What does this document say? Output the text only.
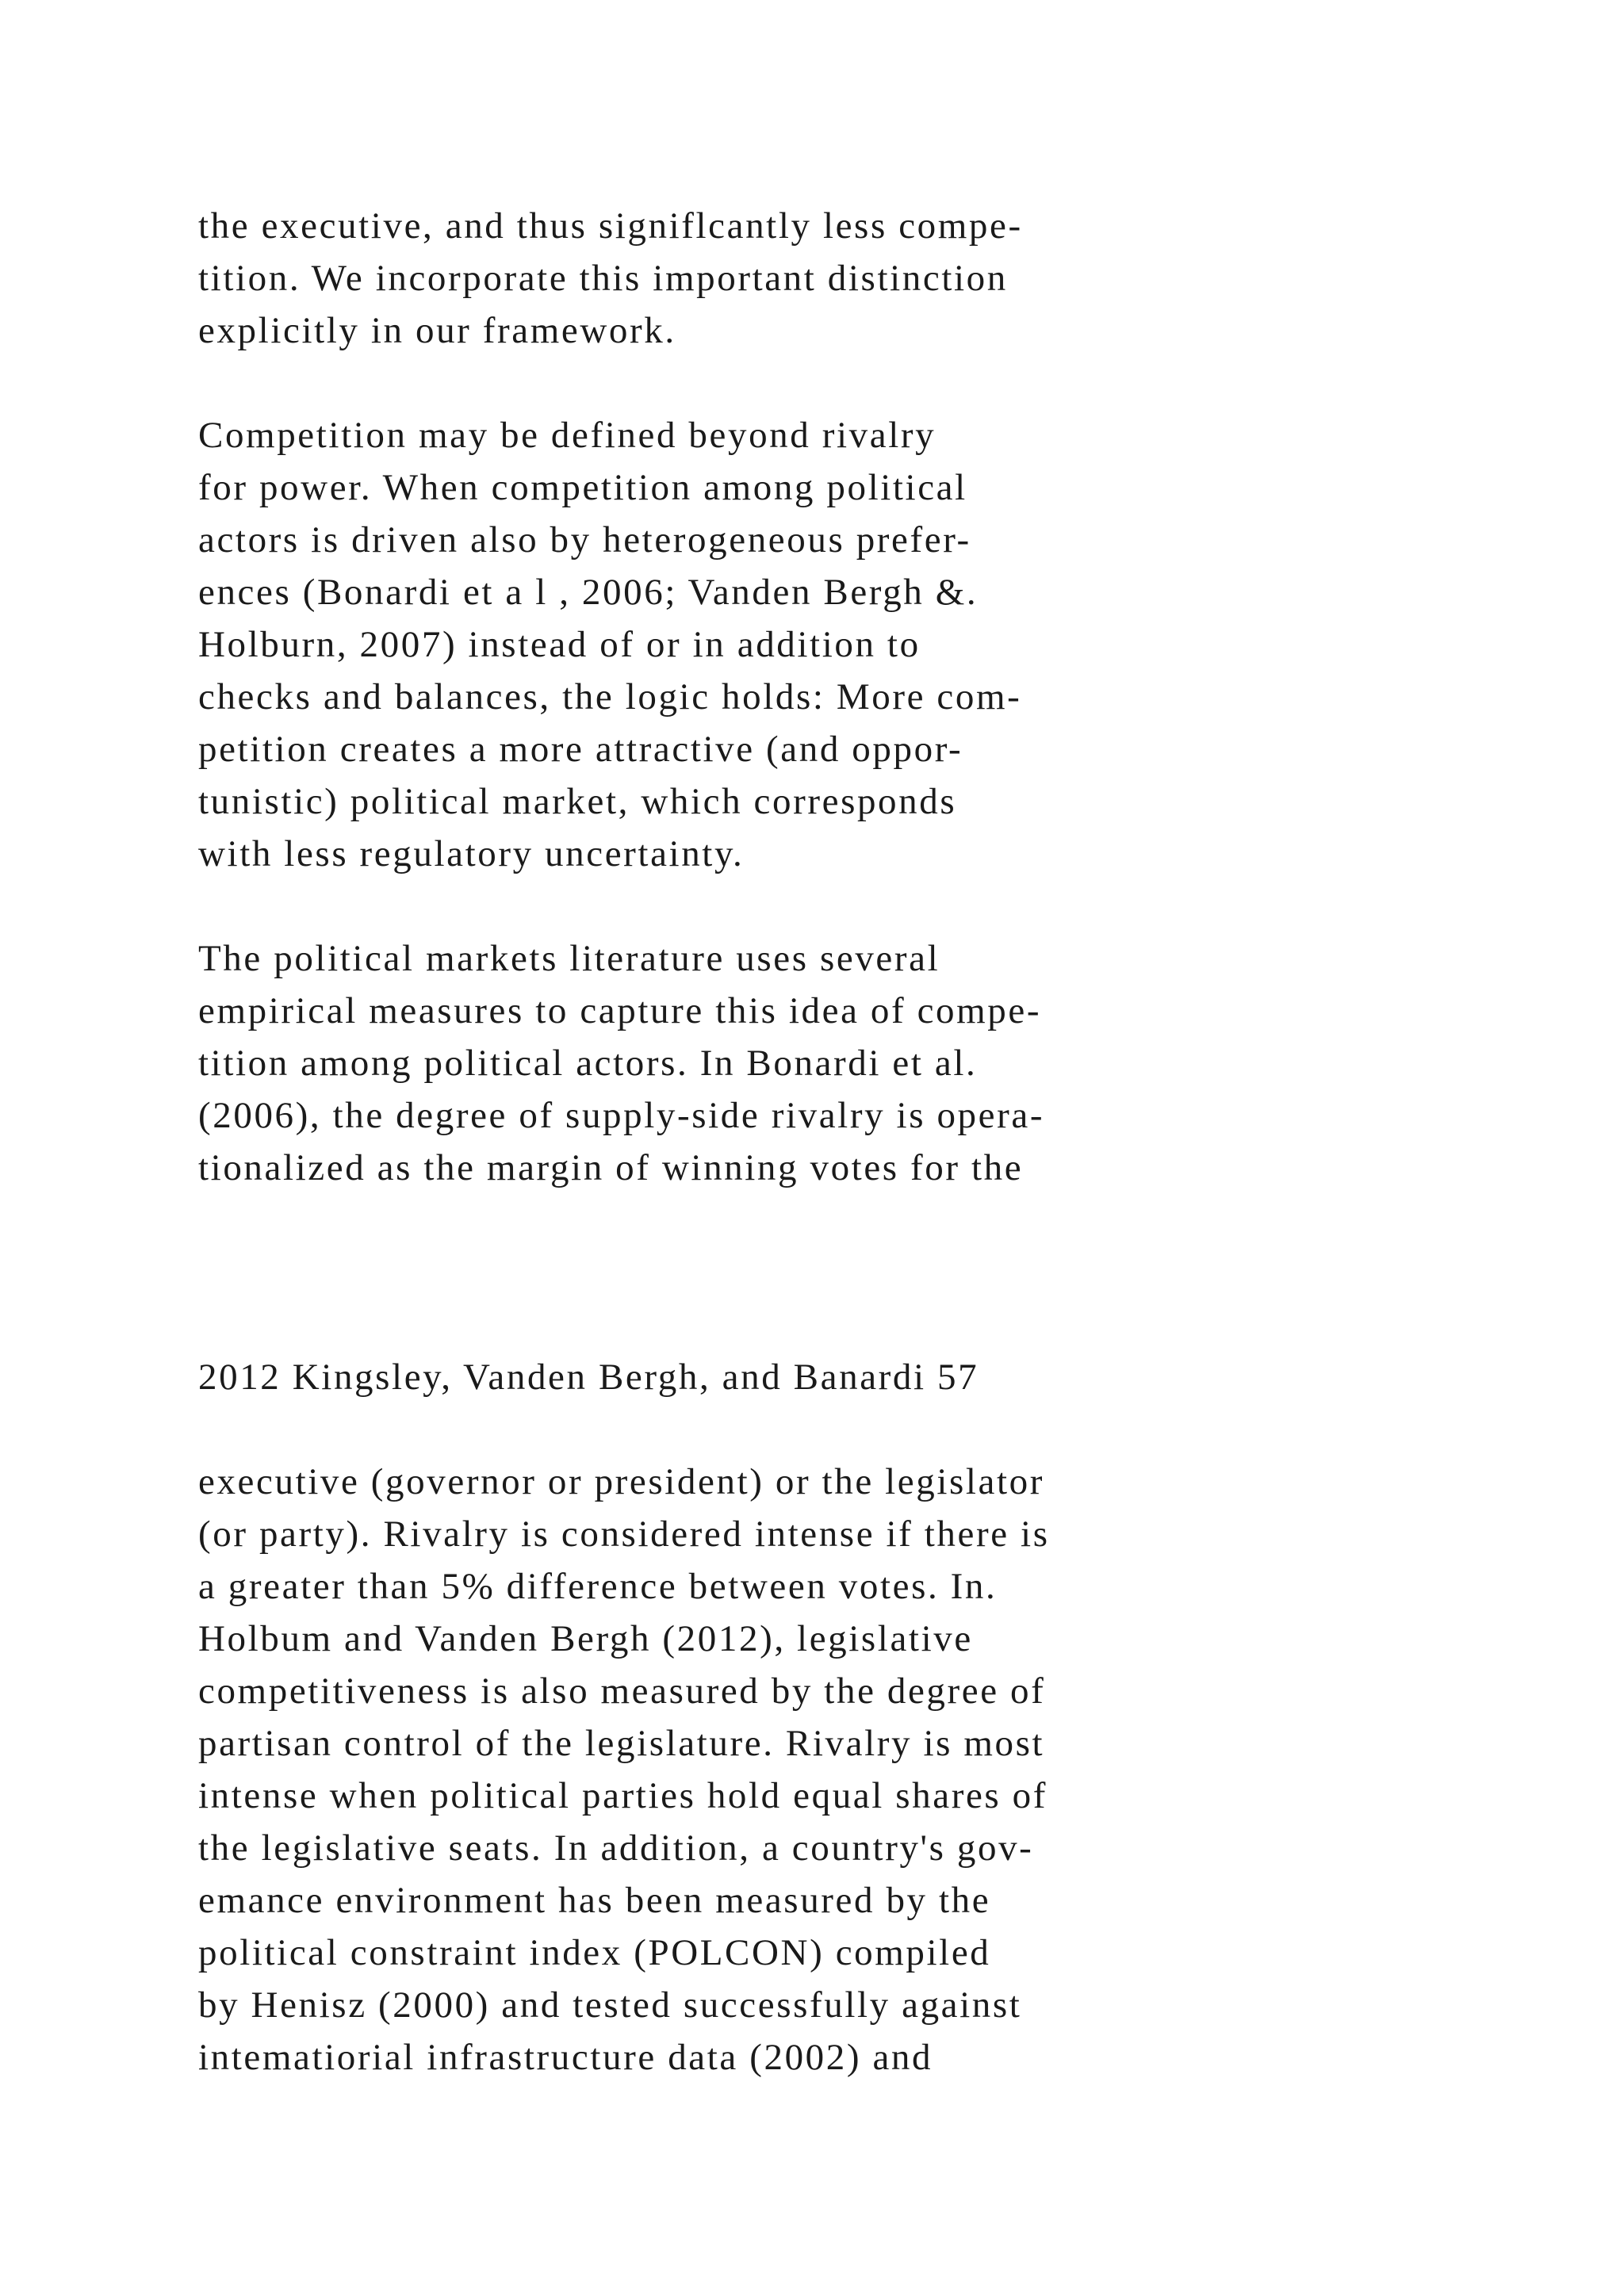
the executive, and thus signiflcantly less compe-
tition. We incorporate this important distinction
explicitly in our framework.
Competition may be defined beyond rivalry
for power. When competition among political
actors is driven also by heterogeneous prefer-
ences (Bonardi et a l , 2006; Vanden Bergh &.
Holburn, 2007) instead of or in addition to
checks and balances, the logic holds: More com-
petition creates a more attractive (and oppor-
tunistic) political market, which corresponds
with less regulatory uncertainty.
The political markets literature uses several
empirical measures to capture this idea of compe-
tition among political actors. In Bonardi et al.
(2006), the degree of supply-side rivalry is opera-
tionalized as the margin of winning votes for the
2012 Kingsley, Vanden Bergh, and Banardi 57
executive (governor or president) or the legislator
(or party). Rivalry is considered intense if there is
a greater than 5% difference between votes. In.
Holbum and Vanden Bergh (2012), legislative
competitiveness is also measured by the degree of
partisan control of the legislature. Rivalry is most
intense when political parties hold equal shares of
the legislative seats. In addition, a country's gov-
emance environment has been measured by the
political constraint index (POLCON) compiled
by Henisz (2000) and tested successfully against
intematiorial infrastructure data (2002) and
